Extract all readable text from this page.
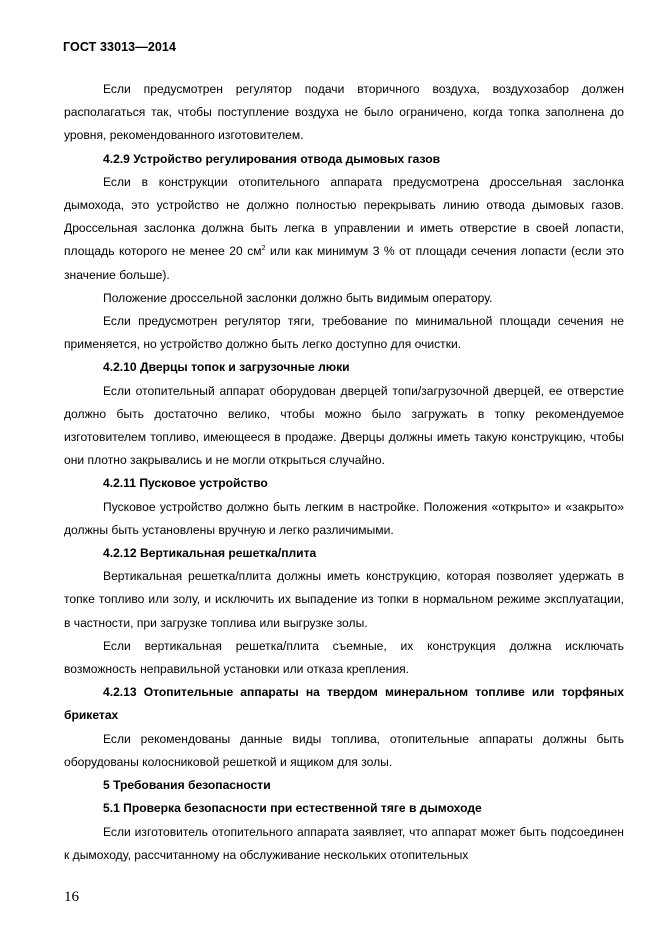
ГОСТ 33013—2014

Если предусмотрен регулятор подачи вторичного воздуха, воздухозабор должен располагаться так, чтобы поступление воздуха не было ограничено, когда топка заполнена до уровня, рекомендованного изготовителем.

4.2.9 Устройство регулирования отвода дымовых газов

Если в конструкции отопительного аппарата предусмотрена дроссельная заслонка дымохода, это устройство не должно полностью перекрывать линию отвода дымовых газов. Дроссельная заслонка должна быть легка в управлении и иметь отверстие в своей лопасти, площадь которого не менее 20 $см^2$ или как минимум 3 % от площади сечения лопасти (если это значение больше).

Положение дроссельной заслонки должно быть видимым оператору.

Если предусмотрен регулятор тяги, требование по минимальной площади сечения не применяется, но устройство должно быть легко доступно для очистки.

4.2.10 Дверцы топок и загрузочные люки

Если отопительный аппарат оборудован дверцей топи/загрузочной дверцей, ее отверстие должно быть достаточно велико, чтобы можно было загружать в топку рекомендуемое изготовителем топливо, имеющееся в продаже. Дверцы должны иметь такую конструкцию, чтобы они плотно закрывались и не могли открыться случайно.

4.2.11 Пусковое устройство

Пусковое устройство должно быть легким в настройке. Положения «открыто» и «закрыто» должны быть установлены вручную и легко различимыми.

4.2.12 Вертикальная решетка/плита

Вертикальная решетка/плита должны иметь конструкцию, которая позволяет удержать в топке топливо или золу, и исключить их выпадение из топки в нормальном режиме эксплуатации, в частности, при загрузке топлива или выгрузке золы.

Если вертикальная решетка/плита съемные, их конструкция должна исключать возможность неправильной установки или отказа крепления.

4.2.13 Отопительные аппараты на твердом минеральном топливе или торфяных брикетах

Если рекомендованы данные виды топлива, отопительные аппараты должны быть оборудованы колосниковой решеткой и ящиком для золы.

5 Требования безопасности

5.1 Проверка безопасности при естественной тяге в дымоходе

Если изготовитель отопительного аппарата заявляет, что аппарат может быть подсоединен к дымоходу, рассчитанному на обслуживание нескольких отопительных

16
